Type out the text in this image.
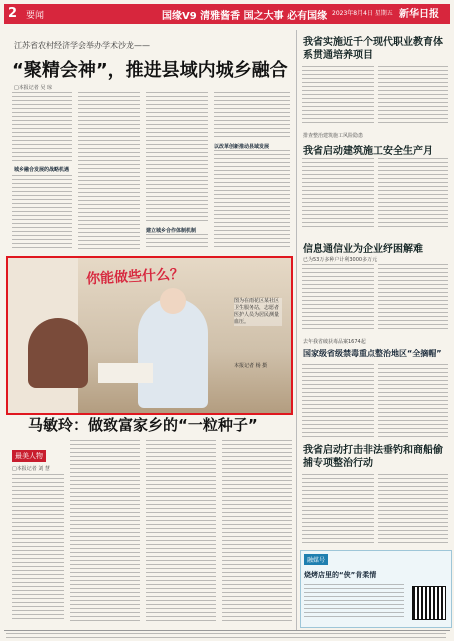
2 要闻	国缘V9 清雅酱香 国之大事 必有国缘 2023年8月4日 星期五 新华日报
江苏省农村经济学会举办学术沙龙——
“聚精会神”，推进县域内城乡融合
□本报记者 吴 琼
城乡融合发展的战略机遇
建立城乡合作体制机制
以改革创新推动县域发展
你能做些什么？
图为在雨花区某社区卫生服务站，志愿者医护人员为居民测量血压。
本报记者 杨 摄
马敏玲：做致富家乡的“一粒种子”
最美人物
□本报记者 刘 慧
我省实施近千个现代职业教育体系贯通培养项目
排查整治建筑施工风险隐患
我省启动建筑施工安全生产月
信息通信业为企业纾困解难
已为53万多种户计利3000多万元
去年我省破获毒品案1674起
国家级省级禁毒重点整治地区“全摘帽”
我省启动打击非法垂钓和商船偷捕专项整治行动
融媒号
烧烤店里的“侠”肯柔情
